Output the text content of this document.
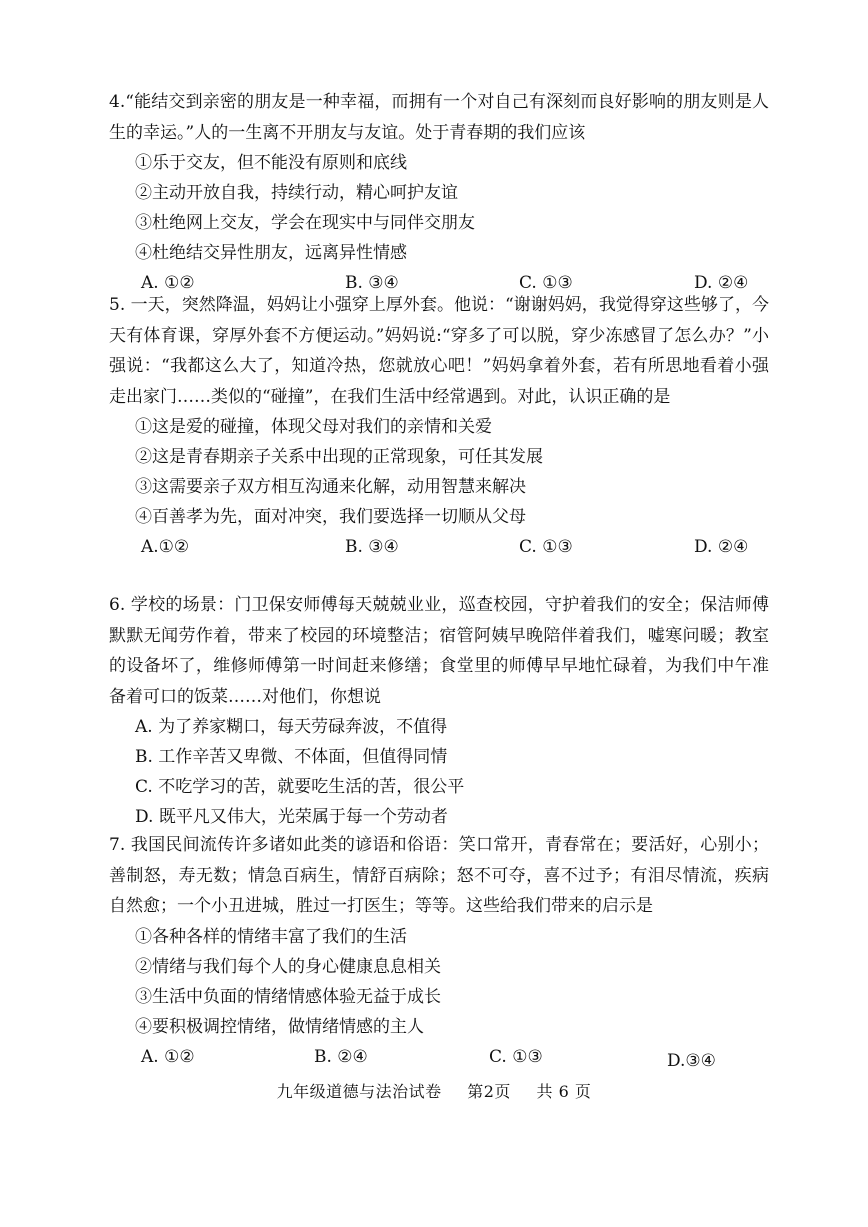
4.“能结交到亲密的朋友是一种幸福，而拥有一个对自己有深刻而良好影响的朋友则是人生的幸运。”人的一生离不开朋友与友谊。处于青春期的我们应该

①乐于交友，但不能没有原则和底线

②主动开放自我，持续行动，精心呵护友谊

③杜绝网上交友，学会在现实中与同伴交朋友

④杜绝结交异性朋友，远离异性情感

A. ①②	B. ③④	C. ①③	D. ②④

5. 一天，突然降温，妈妈让小强穿上厚外套。他说：“谢谢妈妈，我觉得穿这些够了，今天有体育课，穿厚外套不方便运动。”妈妈说:“穿多了可以脱，穿少冻感冒了怎么办？”小强说：“我都这么大了，知道冷热，您就放心吧！”妈妈拿着外套，若有所思地看着小强走出家门……类似的“碰撞”，在我们生活中经常遇到。对此，认识正确的是

①这是爱的碰撞，体现父母对我们的亲情和关爱

②这是青春期亲子关系中出现的正常现象，可任其发展

③这需要亲子双方相互沟通来化解，动用智慧来解决

④百善孝为先，面对冲突，我们要选择一切顺从父母

A.①②	B. ③④	C. ①③	D. ②④

6. 学校的场景：门卫保安师傅每天兢兢业业，巡查校园，守护着我们的安全；保洁师傅默默无闻劳作着，带来了校园的环境整洁；宿管阿姨早晚陪伴着我们，嘘寒问暖；教室的设备坏了，维修师傅第一时间赶来修缮；食堂里的师傅早早地忙碌着，为我们中午准备着可口的饭菜……对他们，你想说

A. 为了养家糊口，每天劳碌奔波，不值得

B. 工作辛苦又卑微、不体面，但值得同情

C. 不吃学习的苦，就要吃生活的苦，很公平

D. 既平凡又伟大，光荣属于每一个劳动者

7. 我国民间流传许多诸如此类的谚语和俗语：笑口常开，青春常在；要活好，心别小；善制怒，寿无数；情急百病生，情舒百病除；怒不可夺，喜不过予；有泪尽情流，疾病自然愈；一个小丑进城，胜过一打医生；等等。这些给我们带来的启示是

①各种各样的情绪丰富了我们的生活

②情绪与我们每个人的身心健康息息相关

③生活中负面的情绪情感体验无益于成长

④要积极调控情绪，做情绪情感的主人

A. ①②	B. ②④	C. ①③	D.③④
九年级道德与法治试卷 第2页 共 6 页
